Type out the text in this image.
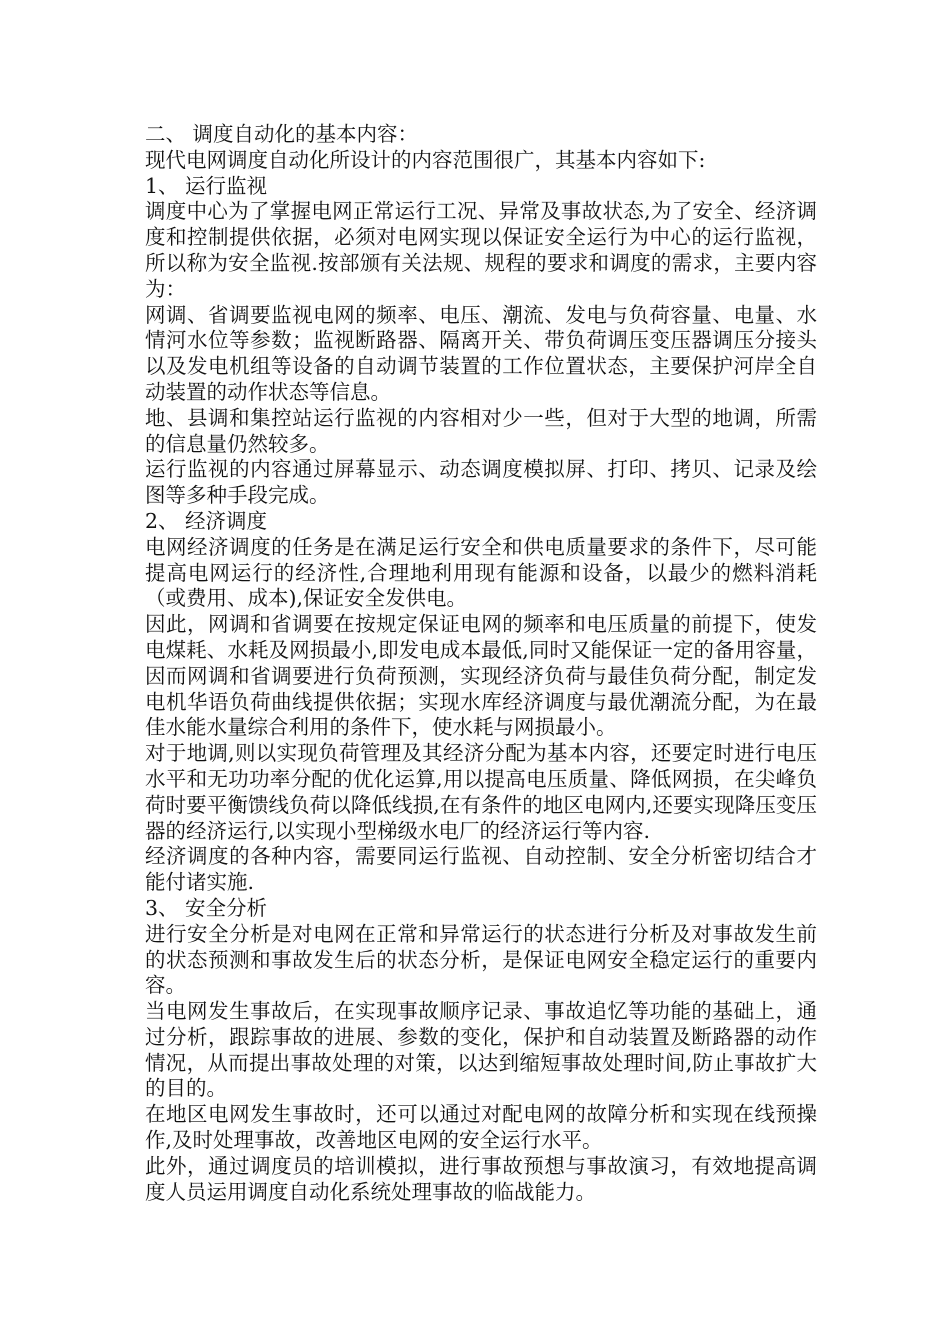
二、 调度自动化的基本内容：

现代电网调度自动化所设计的内容范围很广，其基本内容如下:

1、 运行监视

调度中心为了掌握电网正常运行工况、异常及事故状态,为了安全、经济调度和控制提供依据，必须对电网实现以保证安全运行为中心的运行监视，所以称为安全监视.按部颁有关法规、规程的要求和调度的需求，主要内容为：

网调、省调要监视电网的频率、电压、潮流、发电与负荷容量、电量、水情河水位等参数；监视断路器、隔离开关、带负荷调压变压器调压分接头以及发电机组等设备的自动调节装置的工作位置状态，主要保护河岸全自动装置的动作状态等信息。

地、县调和集控站运行监视的内容相对少一些，但对于大型的地调，所需的信息量仍然较多。

运行监视的内容通过屏幕显示、动态调度模拟屏、打印、拷贝、记录及绘图等多种手段完成。

2、 经济调度

电网经济调度的任务是在满足运行安全和供电质量要求的条件下，尽可能提高电网运行的经济性,合理地利用现有能源和设备，以最少的燃料消耗（或费用、成本),保证安全发供电。

因此，网调和省调要在按规定保证电网的频率和电压质量的前提下，使发电煤耗、水耗及网损最小,即发电成本最低,同时又能保证一定的备用容量，因而网调和省调要进行负荷预测，实现经济负荷与最佳负荷分配，制定发电机华语负荷曲线提供依据；实现水库经济调度与最优潮流分配，为在最佳水能水量综合利用的条件下，使水耗与网损最小。

对于地调,则以实现负荷管理及其经济分配为基本内容，还要定时进行电压水平和无功功率分配的优化运算,用以提高电压质量、降低网损，在尖峰负荷时要平衡馈线负荷以降低线损,在有条件的地区电网内,还要实现降压变压器的经济运行,以实现小型梯级水电厂的经济运行等内容.

经济调度的各种内容，需要同运行监视、自动控制、安全分析密切结合才能付诸实施.

3、 安全分析

进行安全分析是对电网在正常和异常运行的状态进行分析及对事故发生前的状态预测和事故发生后的状态分析，是保证电网安全稳定运行的重要内容。

当电网发生事故后，在实现事故顺序记录、事故追忆等功能的基础上，通过分析，跟踪事故的进展、参数的变化，保护和自动装置及断路器的动作情况，从而提出事故处理的对策，以达到缩短事故处理时间,防止事故扩大的目的。

在地区电网发生事故时，还可以通过对配电网的故障分析和实现在线预操作,及时处理事故，改善地区电网的安全运行水平。

此外，通过调度员的培训模拟，进行事故预想与事故演习，有效地提高调度人员运用调度自动化系统处理事故的临战能力。
